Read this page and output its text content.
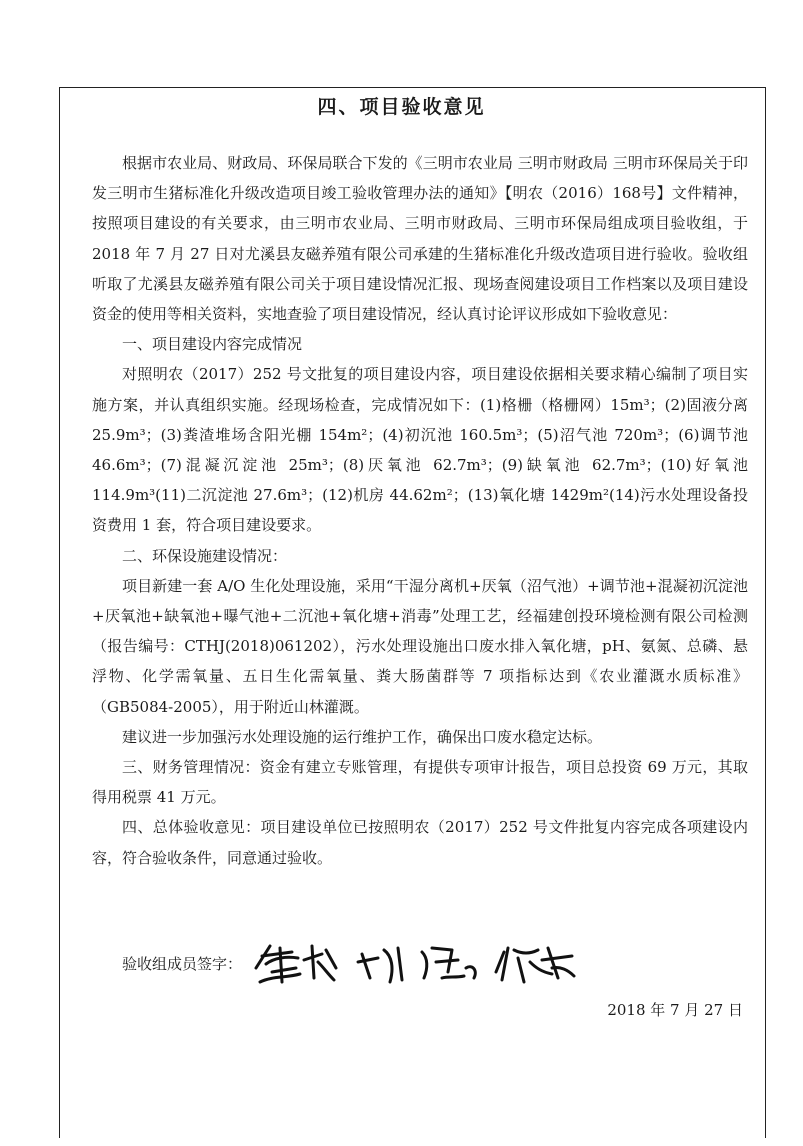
四、项目验收意见

根据市农业局、财政局、环保局联合下发的《三明市农业局 三明市财政局 三明市环保局关于印发三明市生猪标准化升级改造项目竣工验收管理办法的通知》【明农（2016）168号】文件精神，按照项目建设的有关要求，由三明市农业局、三明市财政局、三明市环保局组成项目验收组，于 2018 年 7 月 27 日对尤溪县友磁养殖有限公司承建的生猪标准化升级改造项目进行验收。验收组听取了尤溪县友磁养殖有限公司关于项目建设情况汇报、现场查阅建设项目工作档案以及项目建设资金的使用等相关资料，实地查验了项目建设情况，经认真讨论评议形成如下验收意见：

一、项目建设内容完成情况

对照明农（2017）252 号文批复的项目建设内容，项目建设依据相关要求精心编制了项目实施方案，并认真组织实施。经现场检查，完成情况如下：(1)格栅（格栅网）15m³；(2)固液分离 25.9m³；(3)粪渣堆场含阳光棚 154m²；(4)初沉池 160.5m³；(5)沼气池 720m³；(6)调节池 46.6m³；(7)混凝沉淀池 25m³；(8)厌氧池 62.7m³；(9)缺氧池 62.7m³；(10)好氧池 114.9m³(11)二沉淀池 27.6m³；(12)机房 44.62m²；(13)氧化塘 1429m²(14)污水处理设备投资费用 1 套，符合项目建设要求。

二、环保设施建设情况：

项目新建一套 A/O 生化处理设施，采用“干湿分离机+厌氧（沼气池）+调节池+混凝初沉淀池+厌氧池+缺氧池+曝气池+二沉池+氧化塘+消毒”处理工艺，经福建创投环境检测有限公司检测（报告编号：CTHJ(2018)061202），污水处理设施出口废水排入氧化塘，pH、氨氮、总磷、悬浮物、化学需氧量、五日生化需氧量、粪大肠菌群等 7 项指标达到《农业灌溉水质标准》（GB5084-2005），用于附近山林灌溉。

建议进一步加强污水处理设施的运行维护工作，确保出口废水稳定达标。

三、财务管理情况：资金有建立专账管理，有提供专项审计报告，项目总投资 69 万元，其取得用税票 41 万元。

四、总体验收意见：项目建设单位已按照明农（2017）252 号文件批复内容完成各项建设内容，符合验收条件，同意通过验收。

验收组成员签字：
2018 年 7 月 27 日
